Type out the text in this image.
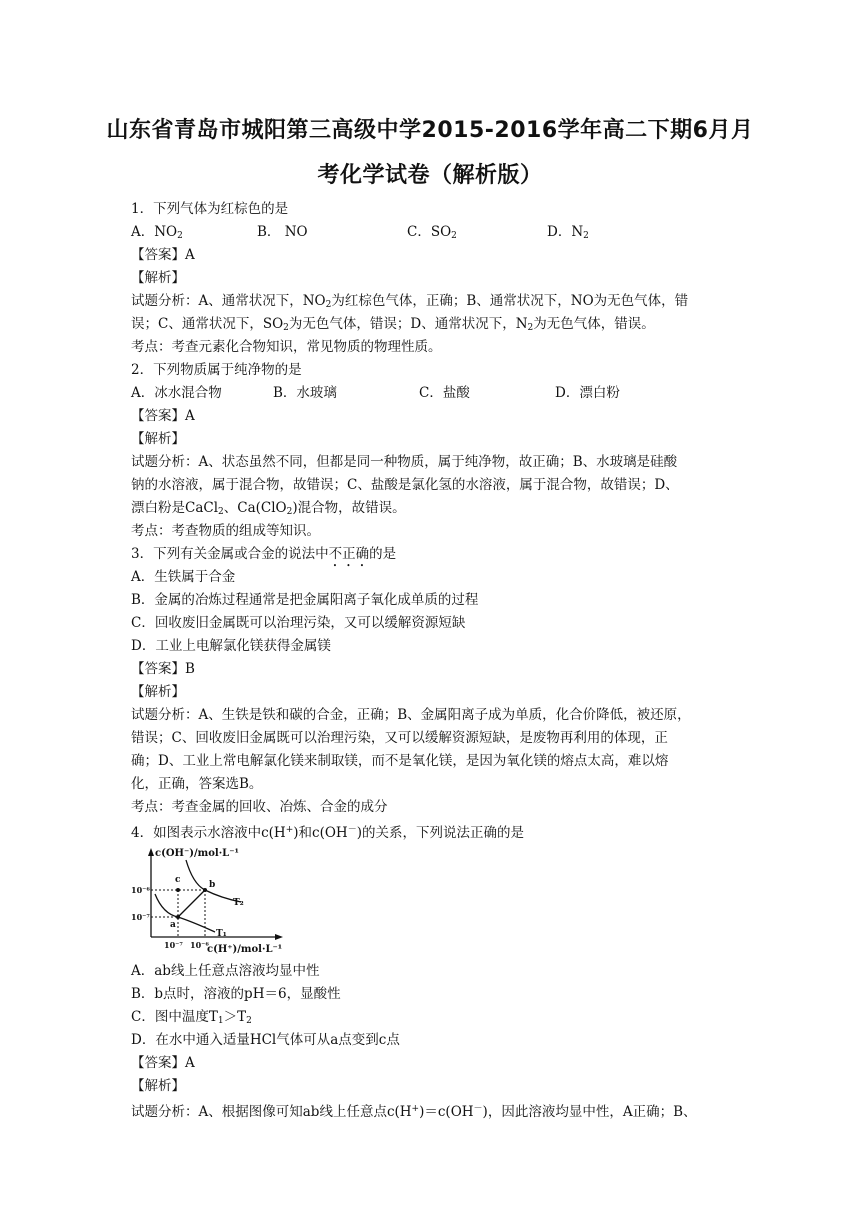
山东省青岛市城阳第三高级中学2015-2016学年高二下期6月月
考化学试卷（解析版）
1．下列气体为红棕色的是
A．$NO_2$	B． NO	C．$SO_2$	D．$N_2$
【答案】A
【解析】
试题分析：A、通常状况下，$NO_2$为红棕色气体，正确；B、通常状况下，NO为无色气体，错
误；C、通常状况下，$SO_2$为无色气体，错误；D、通常状况下，$N_2$为无色气体，错误。
考点：考查元素化合物知识，常见物质的物理性质。
2．下列物质属于纯净物的是
A．冰水混合物	B．水玻璃	C．盐酸	D．漂白粉
【答案】A
【解析】
试题分析：A、状态虽然不同，但都是同一种物质，属于纯净物，故正确；B、水玻璃是硅酸
钠的水溶液，属于混合物，故错误；C、盐酸是氯化氢的水溶液，属于混合物，故错误；D、
漂白粉是CaCl$_2$、Ca(ClO$_2$)混合物，故错误。
考点：考查物质的组成等知识。
3．下列有关金属或合金的说法中不正确的是
A．生铁属于合金
B．金属的冶炼过程通常是把金属阳离子氧化成单质的过程
C．回收废旧金属既可以治理污染，又可以缓解资源短缺
D．工业上电解氯化镁获得金属镁
【答案】B
【解析】
试题分析：A、生铁是铁和碳的合金，正确；B、金属阳离子成为单质，化合价降低，被还原，
错误；C、回收废旧金属既可以治理污染，又可以缓解资源短缺，是废物再利用的体现，正
确；D、工业上常电解氯化镁来制取镁，而不是氧化镁，是因为氧化镁的熔点太高，难以熔
化，正确，答案选B。
考点：考查金属的回收、冶炼、合金的成分
4．如图表示水溶液中c(H+)和c(OH－)的关系，下列说法正确的是
c(OH⁻)/mol·L⁻¹
10⁻⁶
10⁻⁷
10⁻⁷ 10⁻⁶
c(H⁺)/mol·L⁻¹
T₂
T₁
a
b
c
A．ab线上任意点溶液均显中性
B．b点时，溶液的pH＝6，显酸性
C．图中温度$T_1>T_2$
D．在水中通入适量HCl气体可从a点变到c点
【答案】A
【解析】
试题分析：A、根据图像可知ab线上任意点c(H+)＝c(OH－)，因此溶液均显中性，A正确；B、
